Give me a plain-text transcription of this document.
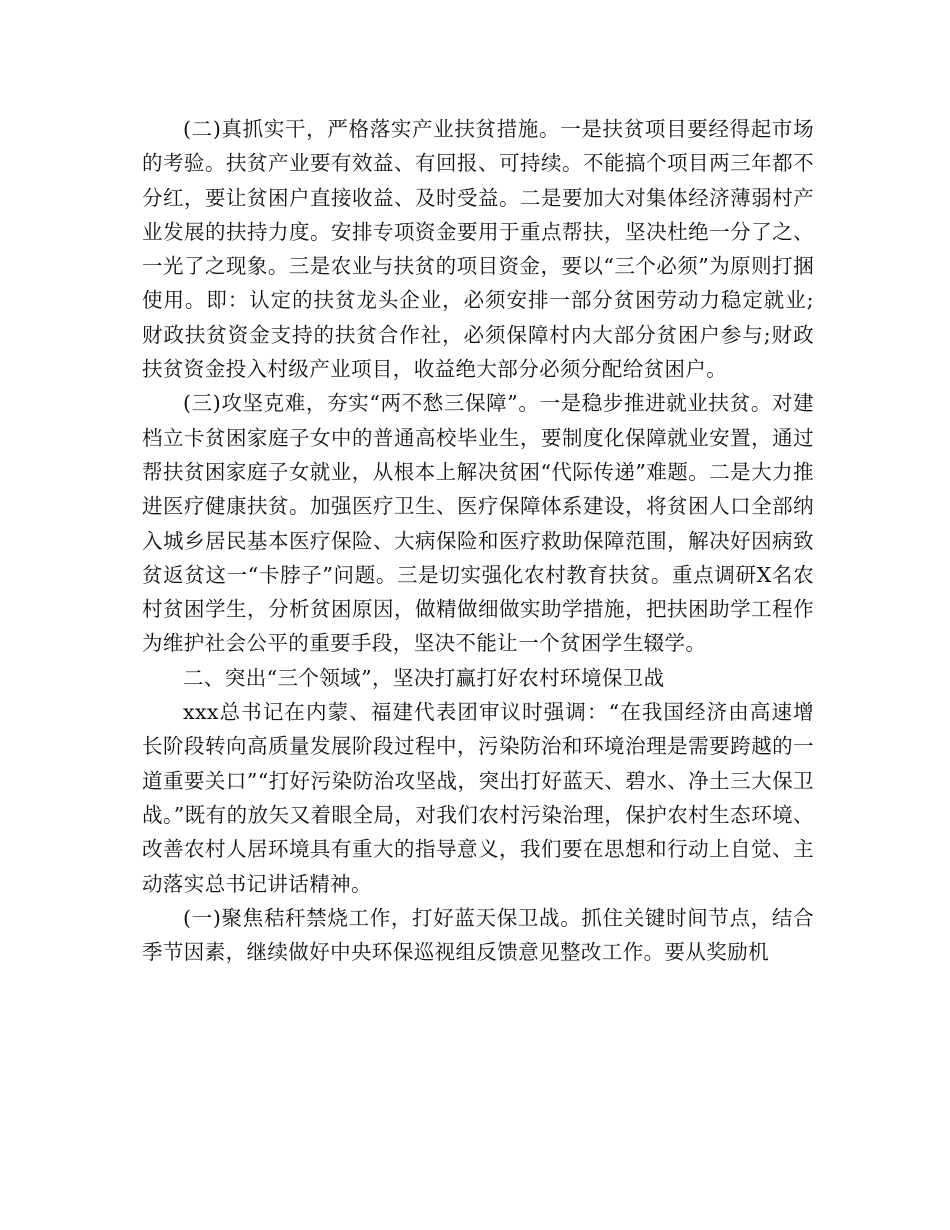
(二)真抓实干，严格落实产业扶贫措施。一是扶贫项目要经得起市场的考验。扶贫产业要有效益、有回报、可持续。不能搞个项目两三年都不分红，要让贫困户直接收益、及时受益。二是要加大对集体经济薄弱村产业发展的扶持力度。安排专项资金要用于重点帮扶，坚决杜绝一分了之、一光了之现象。三是农业与扶贫的项目资金，要以“三个必须”为原则打捆使用。即：认定的扶贫龙头企业，必须安排一部分贫困劳动力稳定就业;财政扶贫资金支持的扶贫合作社，必须保障村内大部分贫困户参与;财政扶贫资金投入村级产业项目，收益绝大部分必须分配给贫困户。

(三)攻坚克难，夯实“两不愁三保障”。一是稳步推进就业扶贫。对建档立卡贫困家庭子女中的普通高校毕业生，要制度化保障就业安置，通过帮扶贫困家庭子女就业，从根本上解决贫困“代际传递”难题。二是大力推进医疗健康扶贫。加强医疗卫生、医疗保障体系建设，将贫困人口全部纳入城乡居民基本医疗保险、大病保险和医疗救助保障范围，解决好因病致贫返贫这一“卡脖子”问题。三是切实强化农村教育扶贫。重点调研X名农村贫困学生，分析贫困原因，做精做细做实助学措施，把扶困助学工程作为维护社会公平的重要手段，坚决不能让一个贫困学生辍学。

二、突出“三个领域”，坚决打赢打好农村环境保卫战

xxx总书记在内蒙、福建代表团审议时强调：“在我国经济由高速增长阶段转向高质量发展阶段过程中，污染防治和环境治理是需要跨越的一道重要关口”“打好污染防治攻坚战，突出打好蓝天、碧水、净土三大保卫战。”既有的放矢又着眼全局，对我们农村污染治理，保护农村生态环境、改善农村人居环境具有重大的指导意义，我们要在思想和行动上自觉、主动落实总书记讲话精神。

(一)聚焦秸秆禁烧工作，打好蓝天保卫战。抓住关键时间节点，结合季节因素，继续做好中央环保巡视组反馈意见整改工作。要从奖励机
